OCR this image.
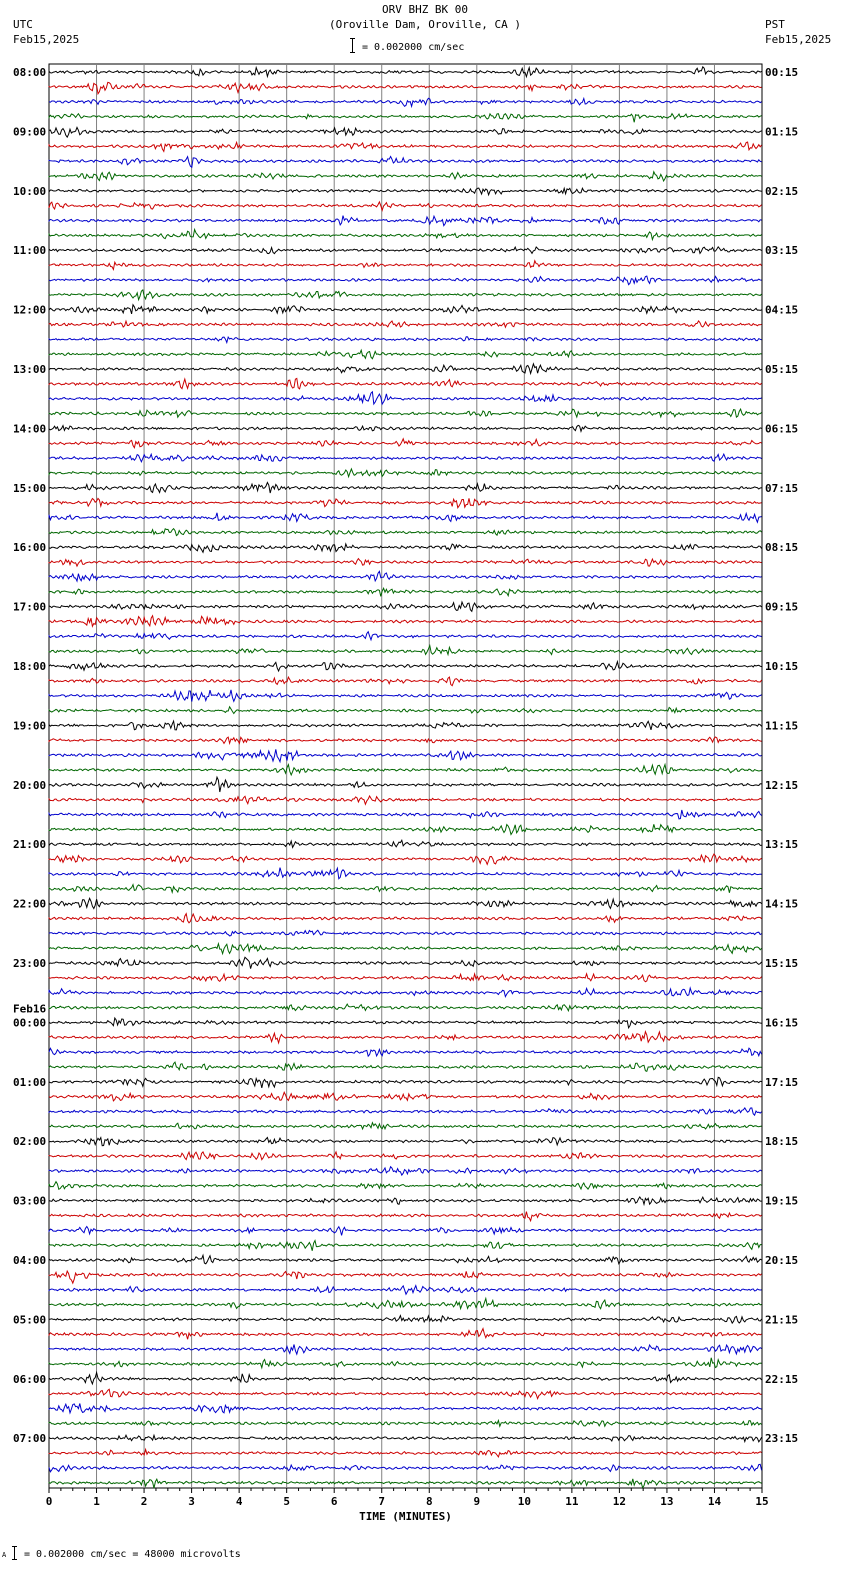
ORV BHZ BK 00
(Oroville Dam, Oroville, CA )
= 0.002000 cm/sec
UTC
Feb15,2025
PST
Feb15,2025
08:00
09:00
10:00
11:00
12:00
13:00
14:00
15:00
16:00
17:00
18:00
19:00
20:00
21:00
22:00
23:00
00:00
01:00
02:00
03:00
04:00
05:00
06:00
07:00
Feb16
00:15
01:15
02:15
03:15
04:15
05:15
06:15
07:15
08:15
09:15
10:15
11:15
12:15
13:15
14:15
15:15
16:15
17:15
18:15
19:15
20:15
21:15
22:15
23:15
0	1	2	3	4	5	6	7	8	9	10	11	12	13	14	15
TIME (MINUTES)
A = 0.002000 cm/sec = 48000 microvolts
